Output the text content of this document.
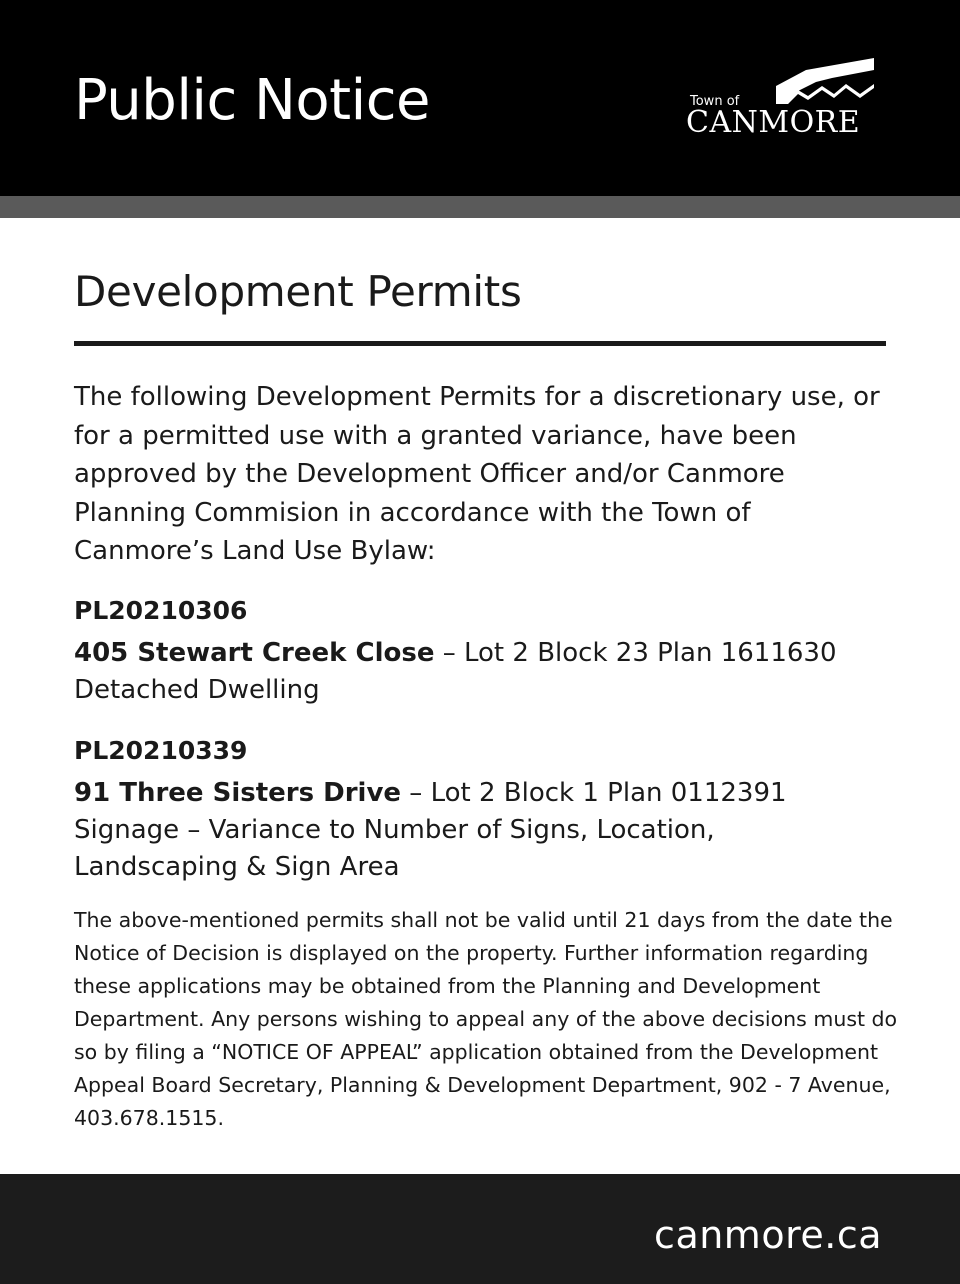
Public Notice	Town of
CANMORE
Development Permits
The following Development Permits for a discretionary use, or for a permitted use with a granted variance, have been approved by the Development Officer and/or Canmore Planning Commision in accordance with the Town of Canmore’s Land Use Bylaw:
PL20210306
405 Stewart Creek Close – Lot 2 Block 23 Plan 1611630
Detached Dwelling
PL20210339
91 Three Sisters Drive – Lot 2 Block 1 Plan 0112391
Signage – Variance to Number of Signs, Location,
Landscaping & Sign Area
The above-mentioned permits shall not be valid until 21 days from the date the Notice of Decision is displayed on the property. Further information regarding these applications may be obtained from the Planning and Development Department. Any persons wishing to appeal any of the above decisions must do so by filing a “NOTICE OF APPEAL” application obtained from the Development Appeal Board Secretary, Planning & Development Department, 902 - 7 Avenue, 403.678.1515.
canmore.ca
